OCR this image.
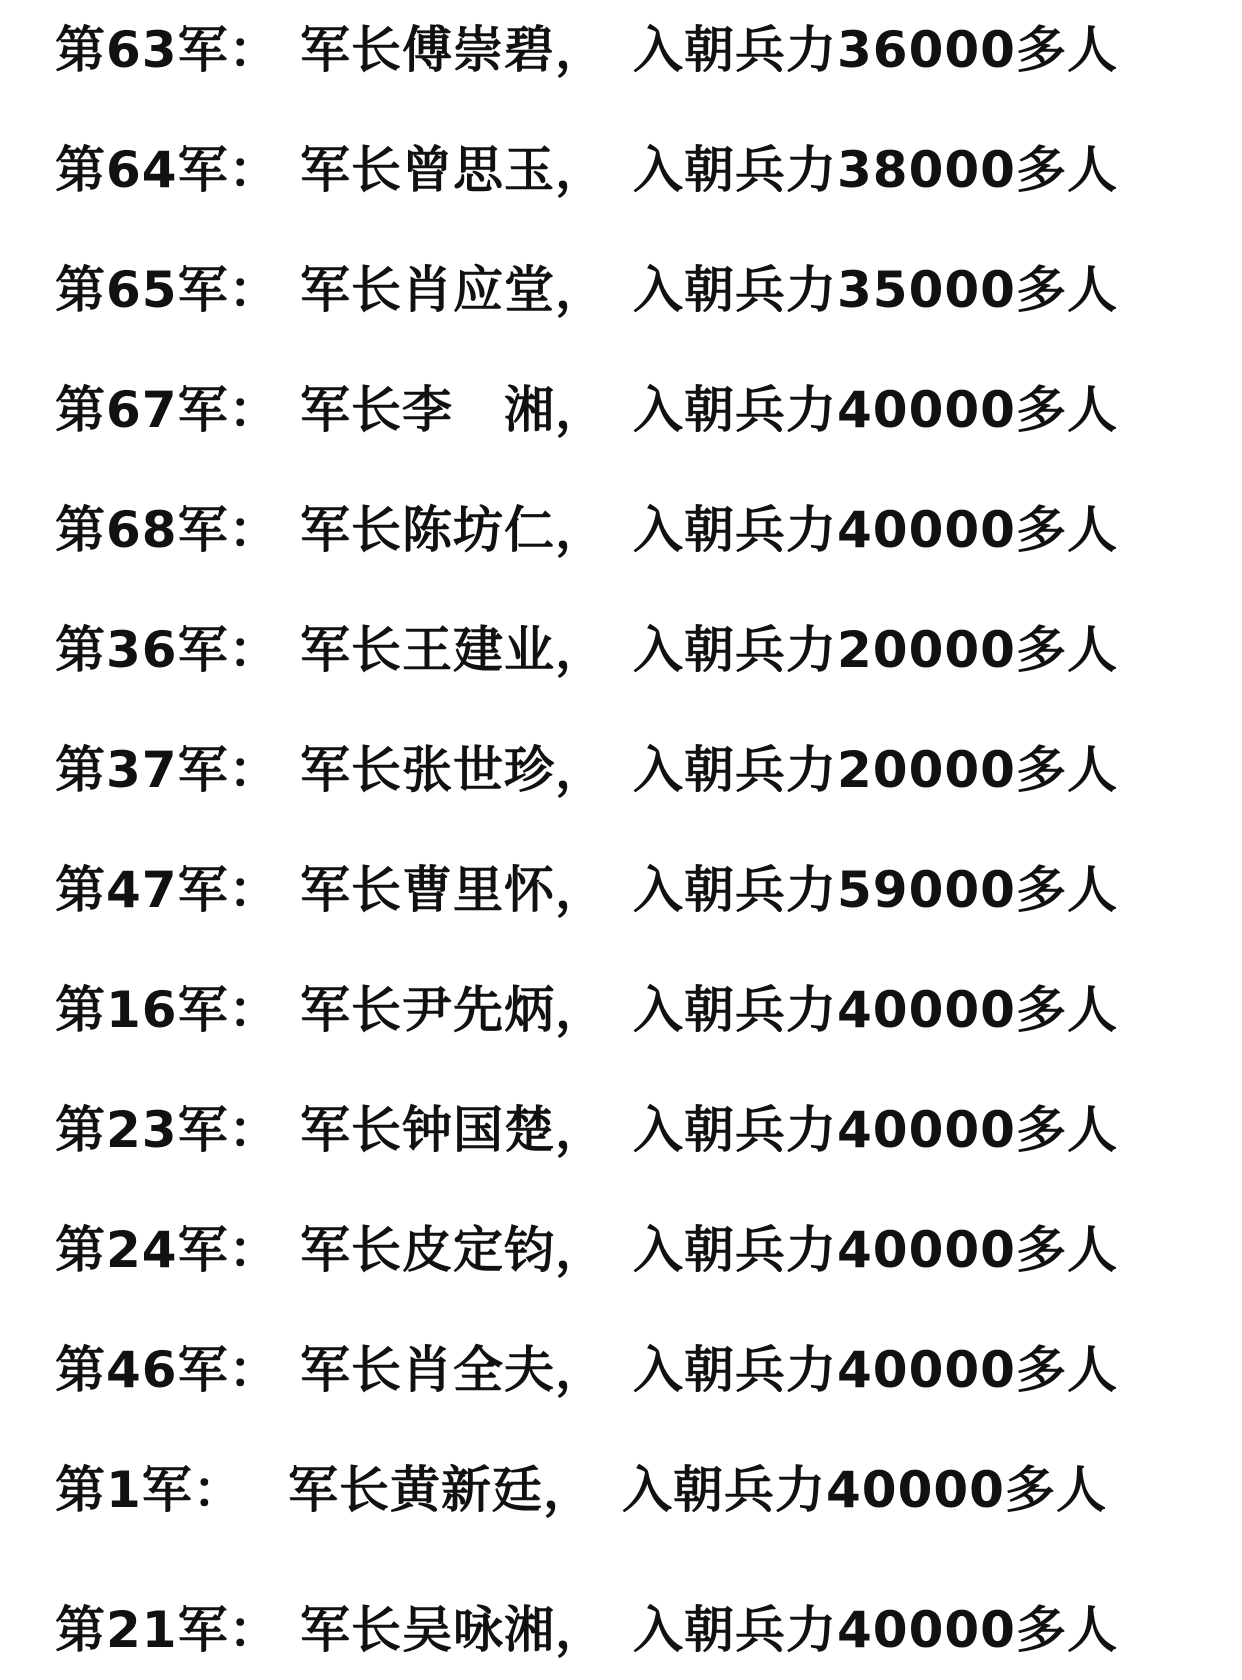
第63军： 军长傅崇碧， 入朝兵力36000多人
第64军： 军长曾思玉， 入朝兵力38000多人
第65军： 军长肖应堂， 入朝兵力35000多人
第67军： 军长李　湘， 入朝兵力40000多人
第68军： 军长陈坊仁， 入朝兵力40000多人
第36军： 军长王建业， 入朝兵力20000多人
第37军： 军长张世珍， 入朝兵力20000多人
第47军： 军长曹里怀， 入朝兵力59000多人
第16军： 军长尹先炳， 入朝兵力40000多人
第23军： 军长钟国楚， 入朝兵力40000多人
第24军： 军长皮定钧， 入朝兵力40000多人
第46军： 军长肖全夫， 入朝兵力40000多人
第1军： 军长黄新廷， 入朝兵力40000多人
第21军： 军长吴咏湘， 入朝兵力40000多人
